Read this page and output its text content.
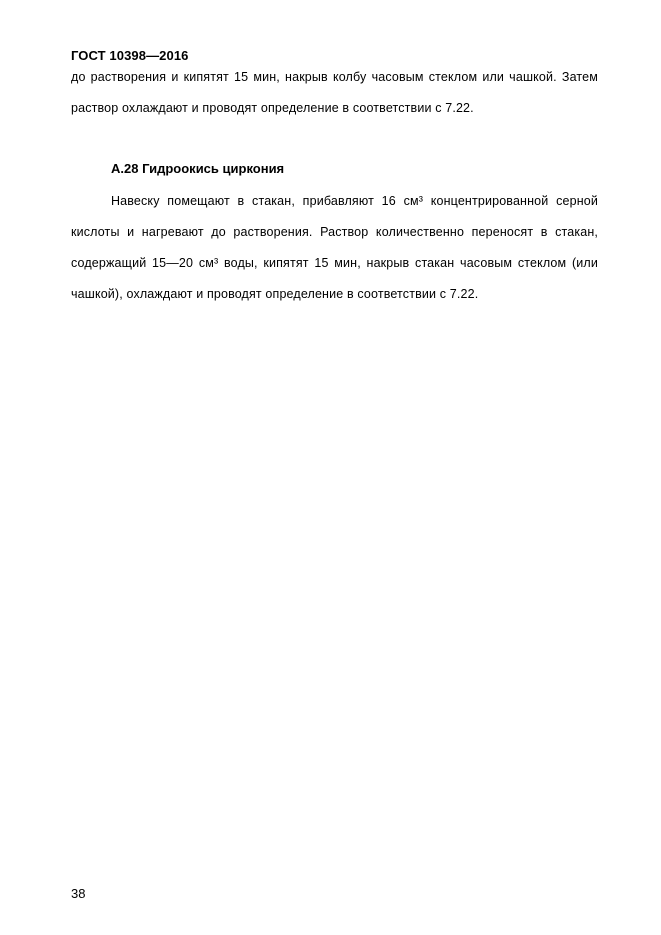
ГОСТ 10398—2016

до растворения и кипятят 15 мин, накрыв колбу часовым стеклом или чашкой. Затем раствор охлаждают и проводят определение в соответствии с 7.22.

А.28 Гидроокись циркония

Навеску помещают в стакан, прибавляют 16 см³ концентрированной серной кислоты и нагревают до растворения. Раствор количественно переносят в стакан, содержащий 15—20 см³ воды, кипятят 15 мин, накрыв стакан часовым стеклом (или чашкой), охлаждают и проводят определение в соответствии с 7.22.

38
